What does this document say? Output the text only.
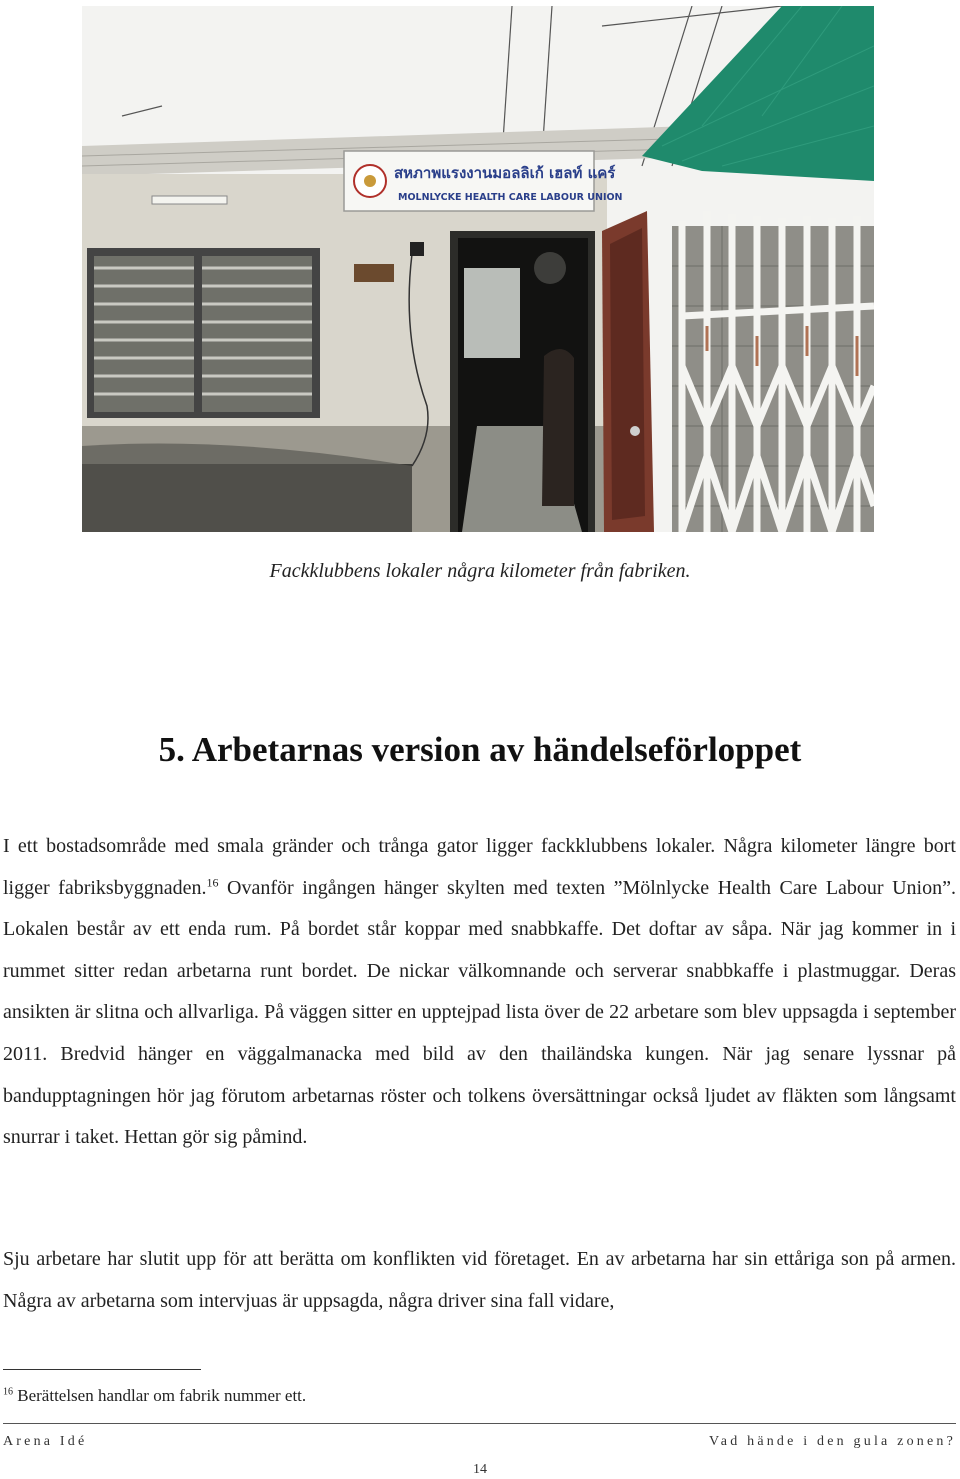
สหภาพแรงงานมอลลิเก้ เฮลท์ แคร์
MOLNLYCKE HEALTH CARE LABOUR UNION
Fackklubbens lokaler några kilometer från fabriken.
5. Arbetarnas version av händelseförloppet

I ett bostadsområde med smala gränder och trånga gator ligger fackklubbens lokaler. Några kilometer längre bort ligger fabriksbyggnaden.$^{16}$ Ovanför ingången hänger skylten med texten ”Mölnlycke Health Care Labour Union”. Lokalen består av ett enda rum. På bordet står koppar med snabbkaffe. Det doftar av såpa. När jag kommer in i rummet sitter redan arbetarna runt bordet. De nickar välkomnande och serverar snabbkaffe i plastmuggar. Deras ansikten är slitna och allvarliga. På väggen sitter en upptejpad lista över de 22 arbetare som blev uppsagda i september 2011. Bredvid hänger en väggalmanacka med bild av den thailändska kungen. När jag senare lyssnar på bandupptagningen hör jag förutom arbetarnas röster och tolkens översättningar också ljudet av fläkten som långsamt snurrar i taket. Hettan gör sig påmind.

Sju arbetare har slutit upp för att berätta om konflikten vid företaget. En av arbetarna har sin ettåriga son på armen. Några av arbetarna som intervjuas är uppsagda, några driver sina fall vidare,

$^{16}$ Berättelsen handlar om fabrik nummer ett.
Arena Idé	Vad hände i den gula zonen?
14
